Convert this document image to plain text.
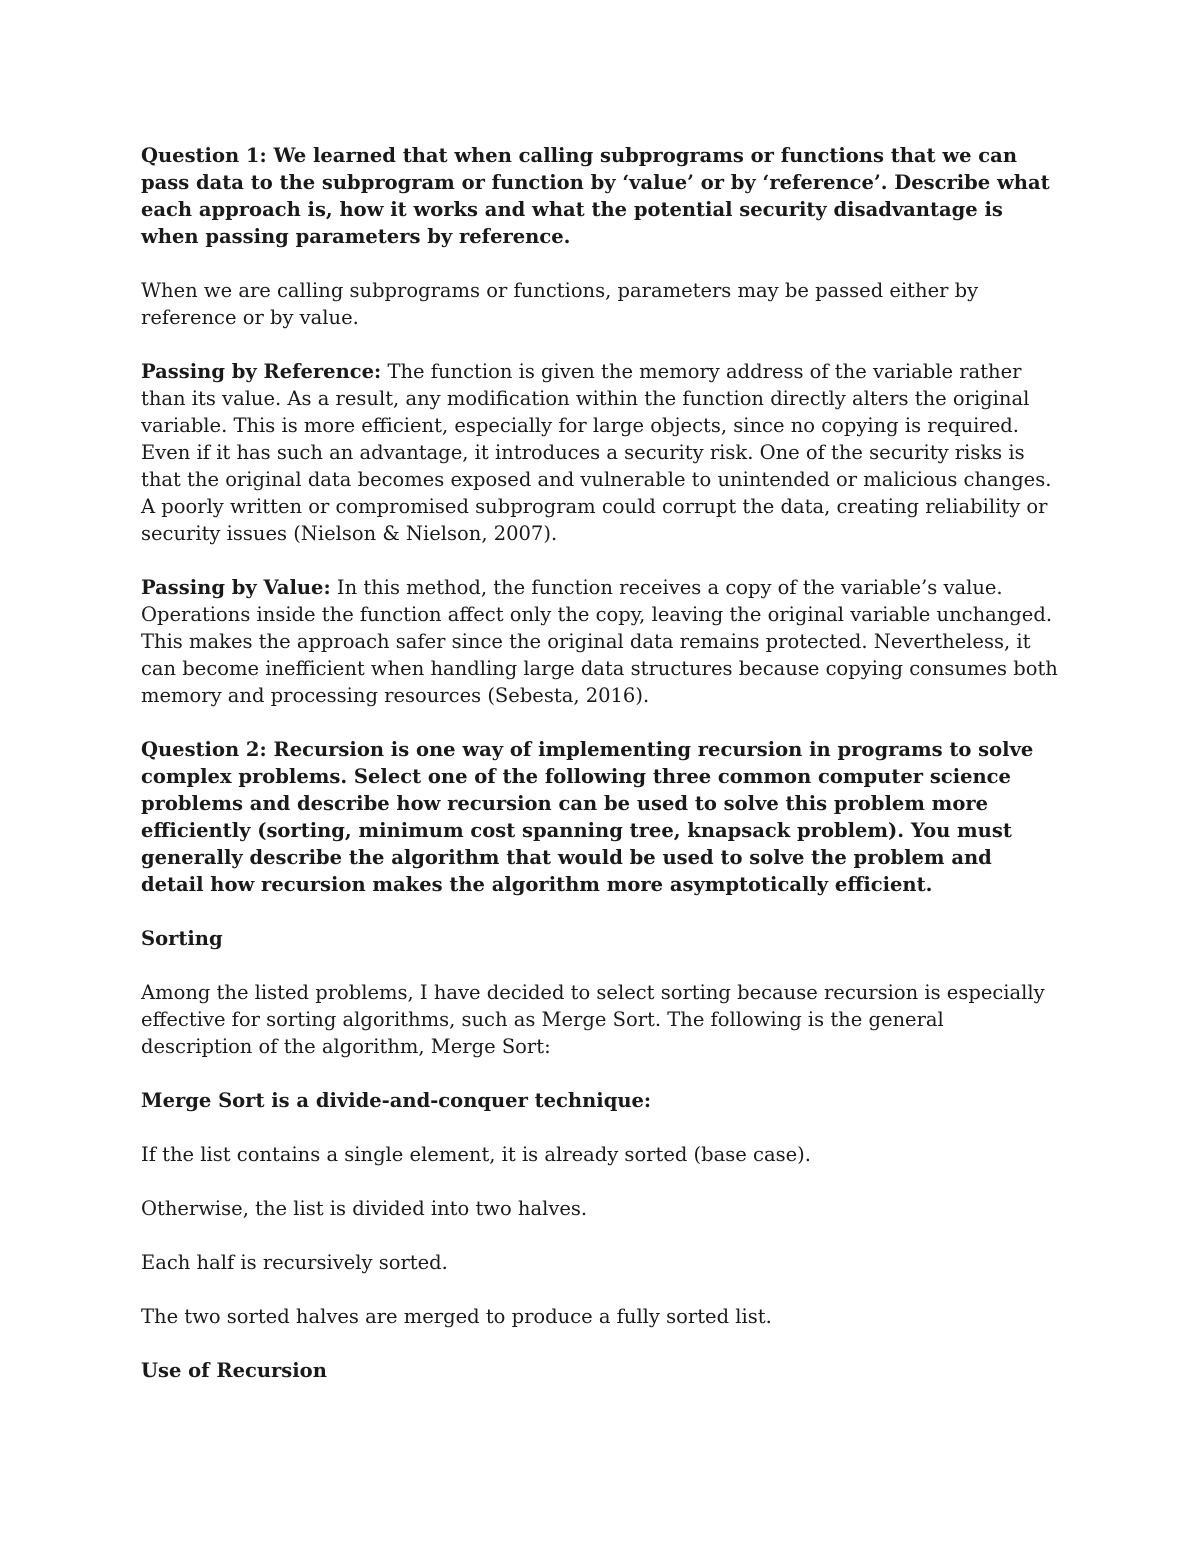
Question 1: We learned that when calling subprograms or functions that we can pass data to the subprogram or function by ‘value’ or by ‘reference’. Describe what each approach is, how it works and what the potential security disadvantage is when passing parameters by reference.

When we are calling subprograms or functions, parameters may be passed either by reference or by value.

Passing by Reference: The function is given the memory address of the variable rather than its value. As a result, any modification within the function directly alters the original variable. This is more efficient, especially for large objects, since no copying is required. Even if it has such an advantage, it introduces a security risk. One of the security risks is that the original data becomes exposed and vulnerable to unintended or malicious changes. A poorly written or compromised subprogram could corrupt the data, creating reliability or security issues (Nielson & Nielson, 2007).

Passing by Value: In this method, the function receives a copy of the variable’s value. Operations inside the function affect only the copy, leaving the original variable unchanged. This makes the approach safer since the original data remains protected. Nevertheless, it can become inefficient when handling large data structures because copying consumes both memory and processing resources (Sebesta, 2016).

Question 2: Recursion is one way of implementing recursion in programs to solve complex problems. Select one of the following three common computer science problems and describe how recursion can be used to solve this problem more efficiently (sorting, minimum cost spanning tree, knapsack problem). You must generally describe the algorithm that would be used to solve the problem and detail how recursion makes the algorithm more asymptotically efficient.

Sorting

Among the listed problems, I have decided to select sorting because recursion is especially effective for sorting algorithms, such as Merge Sort. The following is the general description of the algorithm, Merge Sort:

Merge Sort is a divide-and-conquer technique:

If the list contains a single element, it is already sorted (base case).

Otherwise, the list is divided into two halves.

Each half is recursively sorted.

The two sorted halves are merged to produce a fully sorted list.

Use of Recursion
